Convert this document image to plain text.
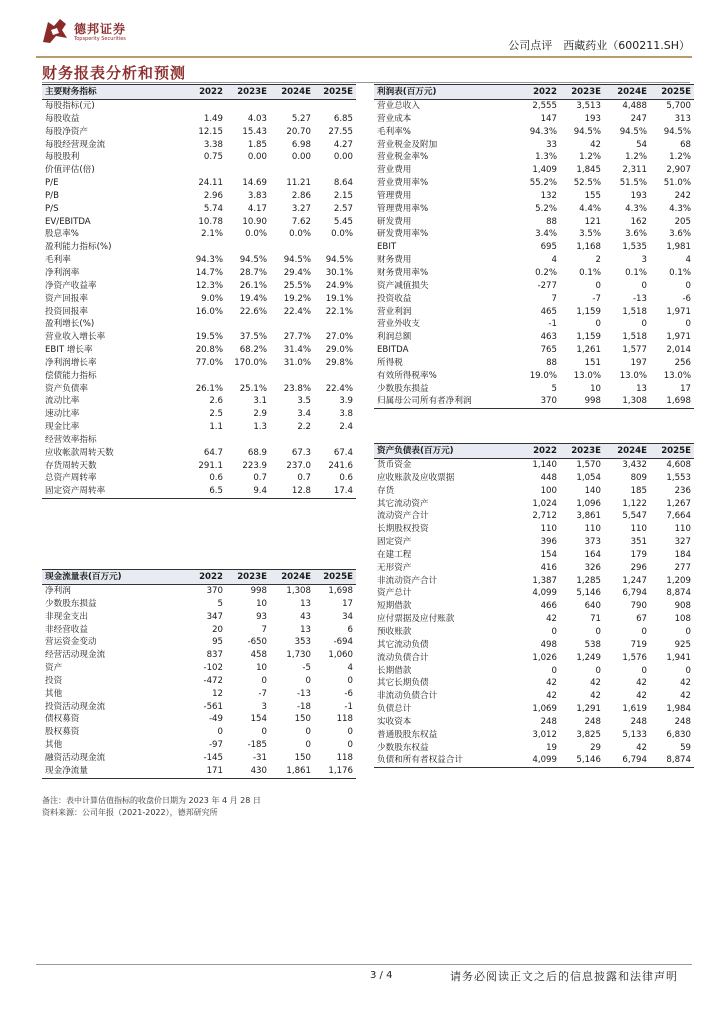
德邦证券
Topsperity Securities	公司点评　西藏药业（600211.SH）
财务报表分析和预测
主要财务指标	2022	2023E	2024E	2025E
每股指标(元)				
每股收益	1.49	4.03	5.27	6.85
每股净资产	12.15	15.43	20.70	27.55
每股经营现金流	3.38	1.85	6.98	4.27
每股股利	0.75	0.00	0.00	0.00
价值评估(倍)				
P/E	24.11	14.69	11.21	8.64
P/B	2.96	3.83	2.86	2.15
P/S	5.74	4.17	3.27	2.57
EV/EBITDA	10.78	10.90	7.62	5.45
股息率%	2.1%	0.0%	0.0%	0.0%
盈利能力指标(%)				
毛利率	94.3%	94.5%	94.5%	94.5%
净利润率	14.7%	28.7%	29.4%	30.1%
净资产收益率	12.3%	26.1%	25.5%	24.9%
资产回报率	9.0%	19.4%	19.2%	19.1%
投资回报率	16.0%	22.6%	22.4%	22.1%
盈利增长(%)				
营业收入增长率	19.5%	37.5%	27.7%	27.0%
EBIT 增长率	20.8%	68.2%	31.4%	29.0%
净利润增长率	77.0%	170.0%	31.0%	29.8%
偿债能力指标				
资产负债率	26.1%	25.1%	23.8%	22.4%
流动比率	2.6	3.1	3.5	3.9
速动比率	2.5	2.9	3.4	3.8
现金比率	1.1	1.3	2.2	2.4
经营效率指标				
应收帐款周转天数	64.7	68.9	67.3	67.4
存货周转天数	291.1	223.9	237.0	241.6
总资产周转率	0.6	0.7	0.7	0.6
固定资产周转率	6.5	9.4	12.8	17.4
现金流量表(百万元)	2022	2023E	2024E	2025E
净利润	370	998	1,308	1,698
少数股东损益	5	10	13	17
非现金支出	347	93	43	34
非经营收益	20	7	13	6
营运资金变动	95	-650	353	-694
经营活动现金流	837	458	1,730	1,060
资产	-102	10	-5	4
投资	-472	0	0	0
其他	12	-7	-13	-6
投资活动现金流	-561	3	-18	-1
债权募资	-49	154	150	118
股权募资	0	0	0	0
其他	-97	-185	0	0
融资活动现金流	-145	-31	150	118
现金净流量	171	430	1,861	1,176
利润表(百万元)	2022	2023E	2024E	2025E
营业总收入	2,555	3,513	4,488	5,700
营业成本	147	193	247	313
毛利率%	94.3%	94.5%	94.5%	94.5%
营业税金及附加	33	42	54	68
营业税金率%	1.3%	1.2%	1.2%	1.2%
营业费用	1,409	1,845	2,311	2,907
营业费用率%	55.2%	52.5%	51.5%	51.0%
管理费用	132	155	193	242
管理费用率%	5.2%	4.4%	4.3%	4.3%
研发费用	88	121	162	205
研发费用率%	3.4%	3.5%	3.6%	3.6%
EBIT	695	1,168	1,535	1,981
财务费用	4	2	3	4
财务费用率%	0.2%	0.1%	0.1%	0.1%
资产减值损失	-277	0	0	0
投资收益	7	-7	-13	-6
营业利润	465	1,159	1,518	1,971
营业外收支	-1	0	0	0
利润总额	463	1,159	1,518	1,971
EBITDA	765	1,261	1,577	2,014
所得税	88	151	197	256
有效所得税率%	19.0%	13.0%	13.0%	13.0%
少数股东损益	5	10	13	17
归属母公司所有者净利润	370	998	1,308	1,698
资产负债表(百万元)	2022	2023E	2024E	2025E
货币资金	1,140	1,570	3,432	4,608
应收账款及应收票据	448	1,054	809	1,553
存货	100	140	185	236
其它流动资产	1,024	1,096	1,122	1,267
流动资产合计	2,712	3,861	5,547	7,664
长期股权投资	110	110	110	110
固定资产	396	373	351	327
在建工程	154	164	179	184
无形资产	416	326	296	277
非流动资产合计	1,387	1,285	1,247	1,209
资产总计	4,099	5,146	6,794	8,874
短期借款	466	640	790	908
应付票据及应付账款	42	71	67	108
预收账款	0	0	0	0
其它流动负债	498	538	719	925
流动负债合计	1,026	1,249	1,576	1,941
长期借款	0	0	0	0
其它长期负债	42	42	42	42
非流动负债合计	42	42	42	42
负债总计	1,069	1,291	1,619	1,984
实收资本	248	248	248	248
普通股股东权益	3,012	3,825	5,133	6,830
少数股东权益	19	29	42	59
负债和所有者权益合计	4,099	5,146	6,794	8,874
备注：表中计算估值指标的收盘价日期为 2023 年 4 月 28 日
资料来源：公司年报（2021-2022），德邦研究所
3 / 4	请务必阅读正文之后的信息披露和法律声明
